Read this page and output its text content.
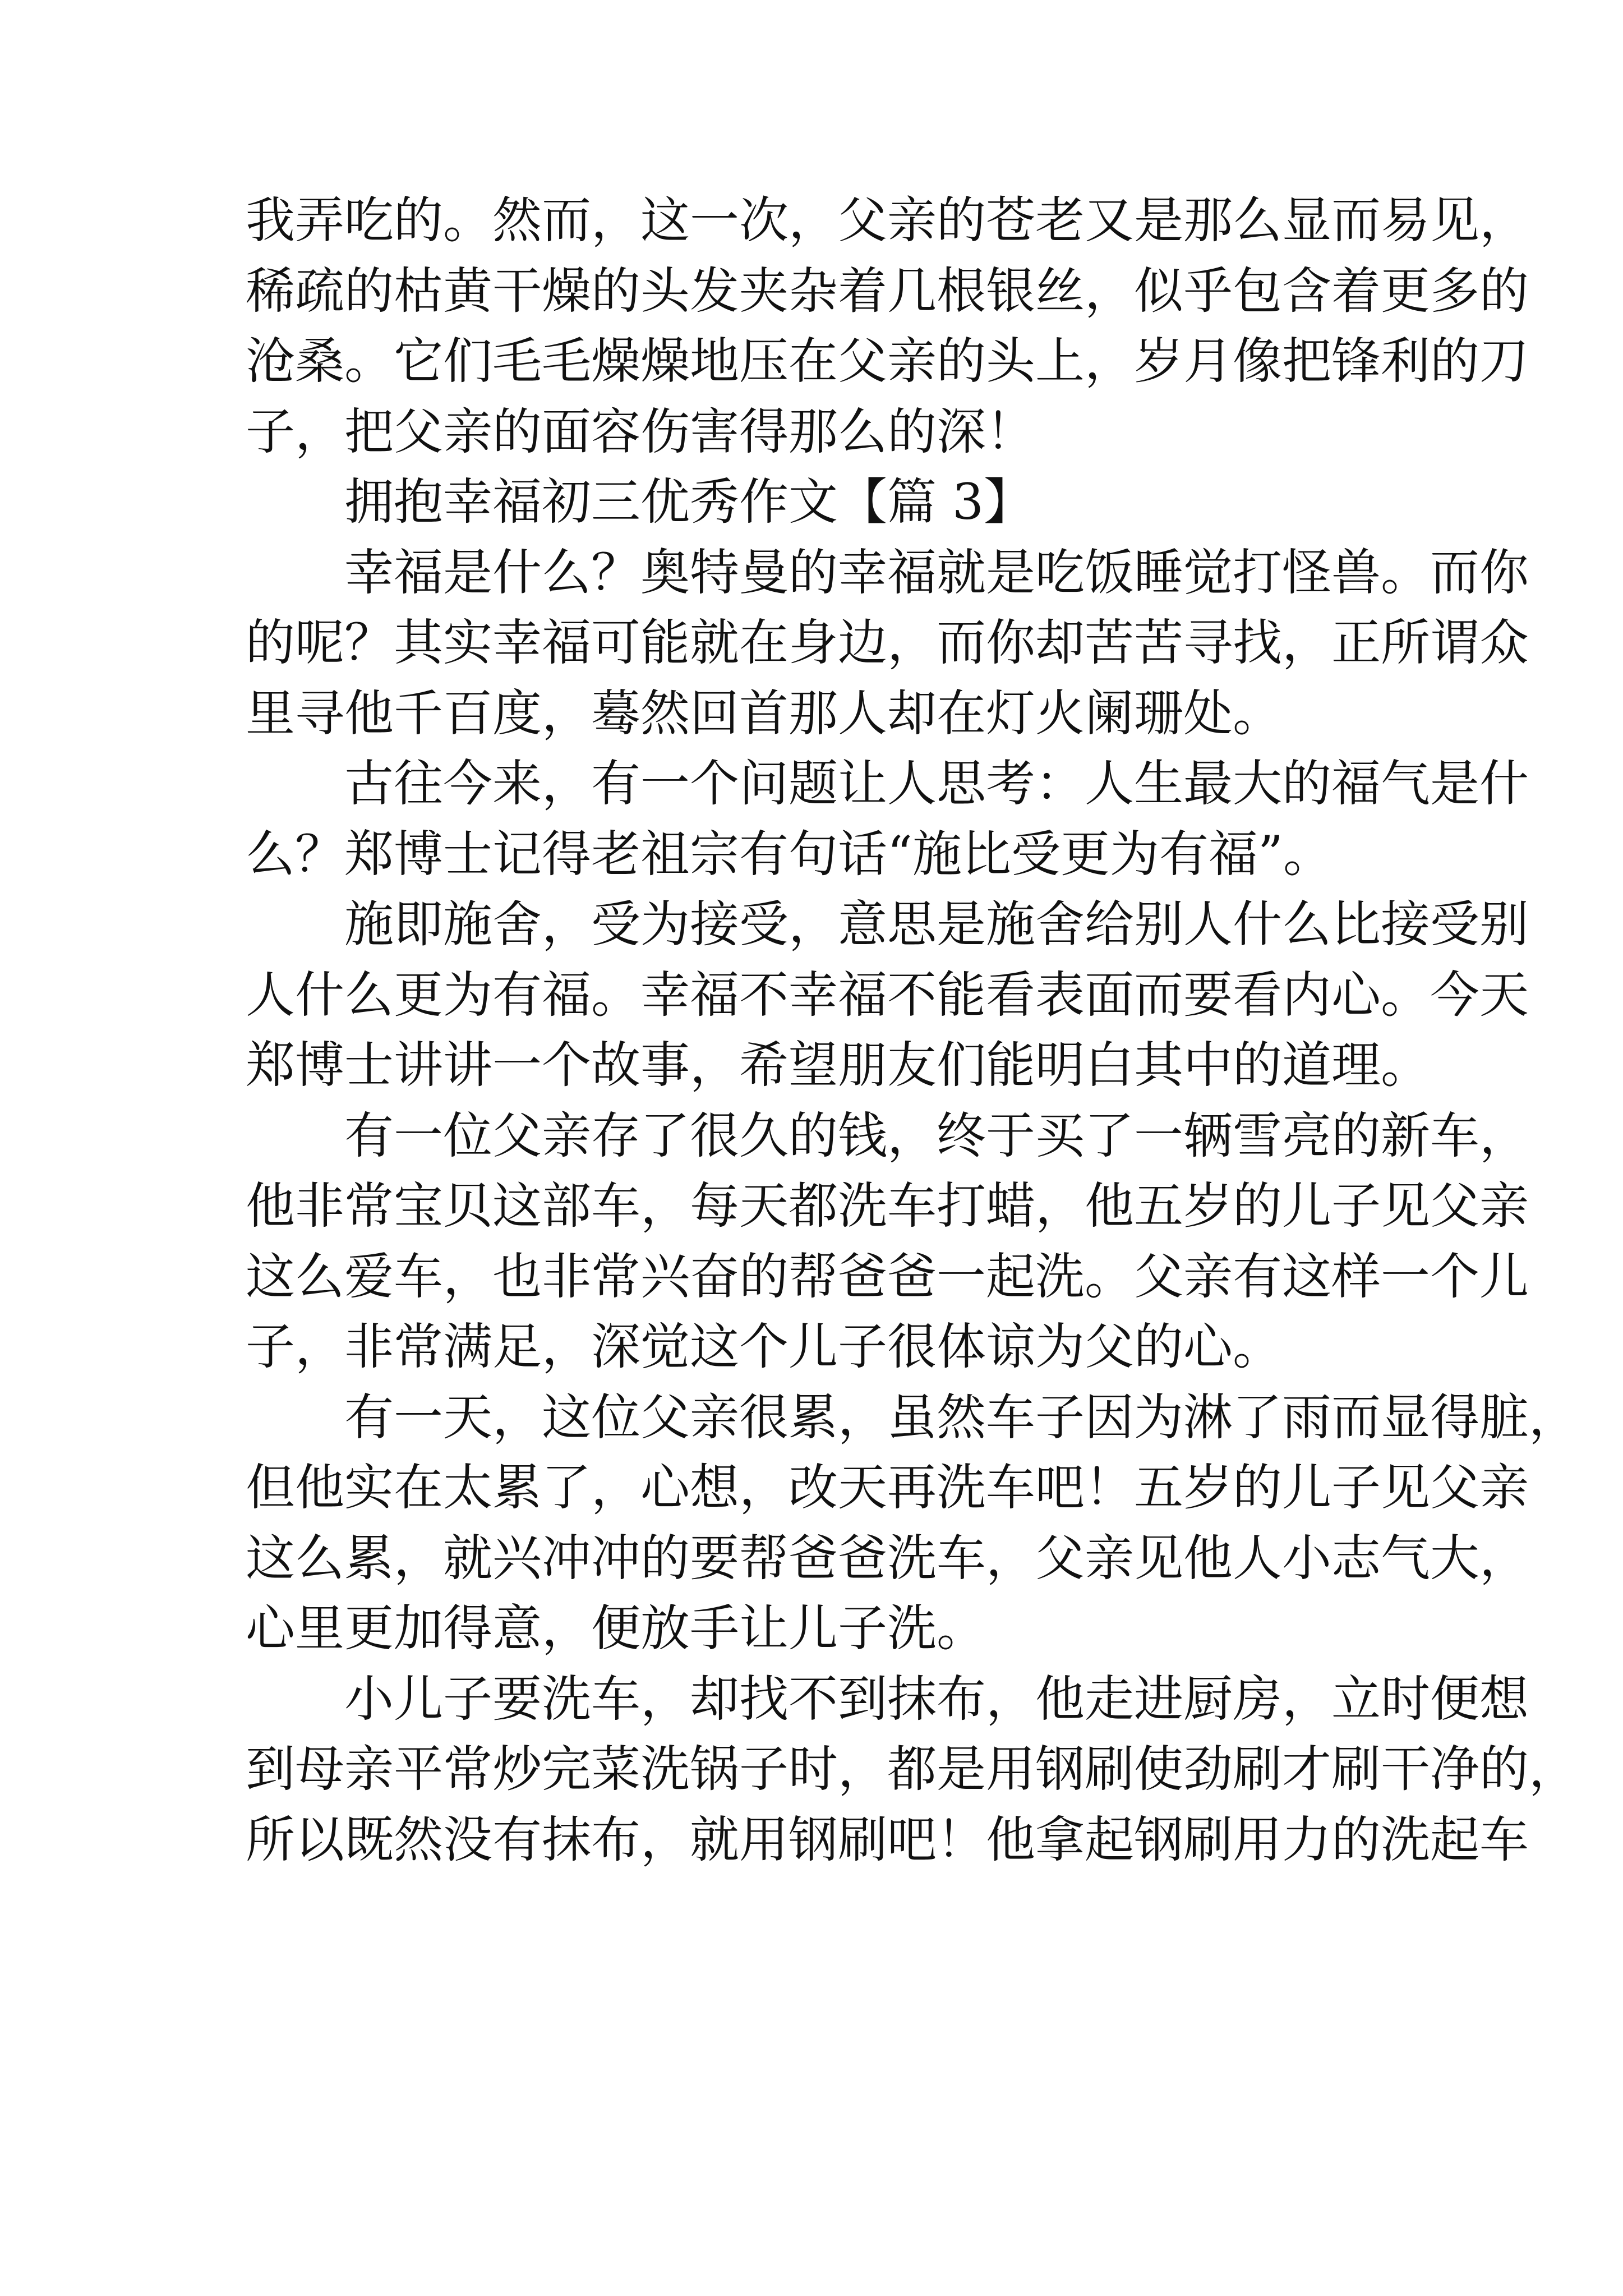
我弄吃的。然而，这一次，父亲的苍老又是那么显而易见，
稀疏的枯黄干燥的头发夹杂着几根银丝，似乎包含着更多的
沧桑。它们毛毛燥燥地压在父亲的头上，岁月像把锋利的刀
子，把父亲的面容伤害得那么的深！
拥抱幸福初三优秀作文【篇 3】
幸福是什么？奥特曼的幸福就是吃饭睡觉打怪兽。而你
的呢？其实幸福可能就在身边，而你却苦苦寻找，正所谓众
里寻他千百度，蓦然回首那人却在灯火阑珊处。
古往今来，有一个问题让人思考：人生最大的福气是什
么？郑博士记得老祖宗有句话“施比受更为有福”。
施即施舍，受为接受，意思是施舍给别人什么比接受别
人什么更为有福。幸福不幸福不能看表面而要看内心。今天
郑博士讲讲一个故事，希望朋友们能明白其中的道理。
有一位父亲存了很久的钱，终于买了一辆雪亮的新车，
他非常宝贝这部车，每天都洗车打蜡，他五岁的儿子见父亲
这么爱车，也非常兴奋的帮爸爸一起洗。父亲有这样一个儿
子，非常满足，深觉这个儿子很体谅为父的心。
有一天，这位父亲很累，虽然车子因为淋了雨而显得脏，
但他实在太累了，心想，改天再洗车吧！五岁的儿子见父亲
这么累，就兴冲冲的要帮爸爸洗车，父亲见他人小志气大，
心里更加得意，便放手让儿子洗。
小儿子要洗车，却找不到抹布，他走进厨房，立时便想
到母亲平常炒完菜洗锅子时，都是用钢刷使劲刷才刷干净的，
所以既然没有抹布，就用钢刷吧！他拿起钢刷用力的洗起车
